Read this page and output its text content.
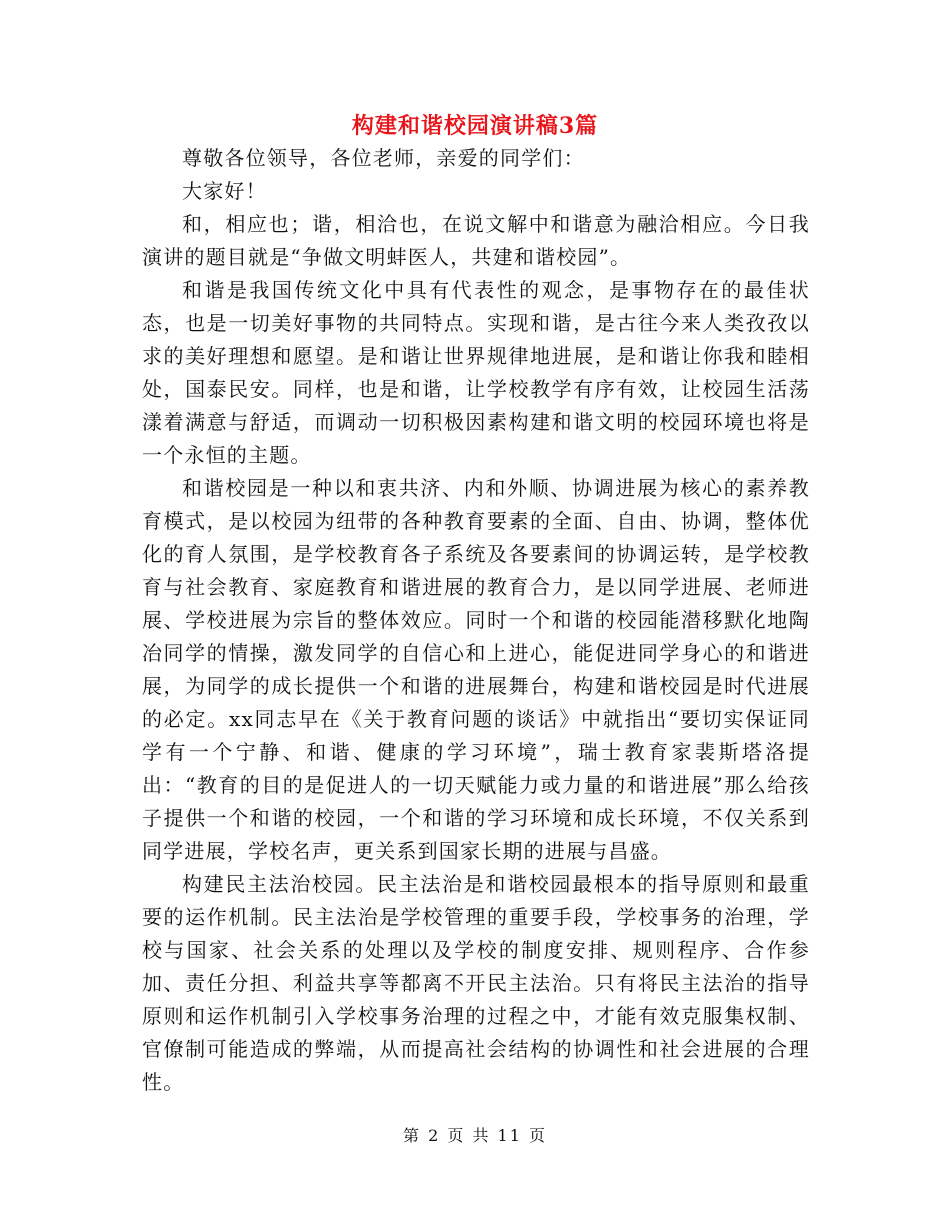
构建和谐校园演讲稿3篇

尊敬各位领导，各位老师，亲爱的同学们：

大家好！

和，相应也；谐，相洽也，在说文解中和谐意为融洽相应。今日我演讲的题目就是“争做文明蚌医人，共建和谐校园”。

和谐是我国传统文化中具有代表性的观念，是事物存在的最佳状态，也是一切美好事物的共同特点。实现和谐，是古往今来人类孜孜以求的美好理想和愿望。是和谐让世界规律地进展，是和谐让你我和睦相处，国泰民安。同样，也是和谐，让学校教学有序有效，让校园生活荡漾着满意与舒适，而调动一切积极因素构建和谐文明的校园环境也将是一个永恒的主题。

和谐校园是一种以和衷共济、内和外顺、协调进展为核心的素养教育模式，是以校园为纽带的各种教育要素的全面、自由、协调，整体优化的育人氛围，是学校教育各子系统及各要素间的协调运转，是学校教育与社会教育、家庭教育和谐进展的教育合力，是以同学进展、老师进展、学校进展为宗旨的整体效应。同时一个和谐的校园能潜移默化地陶冶同学的情操，激发同学的自信心和上进心，能促进同学身心的和谐进展，为同学的成长提供一个和谐的进展舞台，构建和谐校园是时代进展的必定。xx同志早在《关于教育问题的谈话》中就指出“要切实保证同学有一个宁静、和谐、健康的学习环境”，瑞士教育家裴斯塔洛提出：“教育的目的是促进人的一切天赋能力或力量的和谐进展”那么给孩子提供一个和谐的校园，一个和谐的学习环境和成长环境，不仅关系到同学进展，学校名声，更关系到国家长期的进展与昌盛。

构建民主法治校园。民主法治是和谐校园最根本的指导原则和最重要的运作机制。民主法治是学校管理的重要手段，学校事务的治理，学校与国家、社会关系的处理以及学校的制度安排、规则程序、合作参加、责任分担、利益共享等都离不开民主法治。只有将民主法治的指导原则和运作机制引入学校事务治理的过程之中，才能有效克服集权制、官僚制可能造成的弊端，从而提高社会结构的协调性和社会进展的合理性。

第 2 页 共 11 页
